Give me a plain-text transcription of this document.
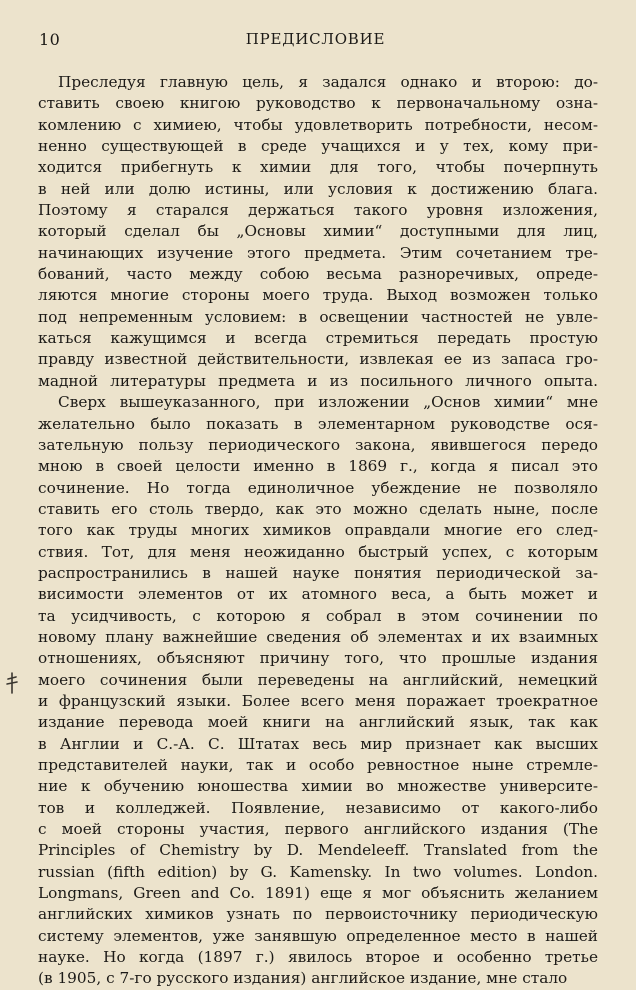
10	ПРЕДИСЛОВИЕ
Преследуя главную цель, я задался однако и второю: до-
ставить своею книгою руководство к первоначальному озна-
комлению с химиею, чтобы удовлетворить потребности, несом-
ненно существующей в среде учащихся и у тех, кому при-
ходится прибегнуть к химии для того, чтобы почерпнуть
в ней или долю истины, или условия к достижению блага.
Поэтому я старался держаться такого уровня изложения,
который сделал бы „Основы химии“ доступными для лиц,
начинающих изучение этого предмета. Этим сочетанием тре-
бований, часто между собою весьма разноречивых, опреде-
ляются многие стороны моего труда. Выход возможен только
под непременным условием: в освещении частностей не увле-
каться кажущимся и всегда стремиться передать простую
правду известной действительности, извлекая ее из запаса гро-
мадной литературы предмета и из посильного личного опыта.
Сверх вышеуказанного, при изложении „Основ химии“ мне
желательно было показать в элементарном руководстве ося-
зательную пользу периодического закона, явившегося передо
мною в своей целости именно в 1869 г., когда я писал это
сочинение. Но тогда единоличное убеждение не позволяло
ставить его столь твердо, как это можно сделать ныне, после
того как труды многих химиков оправдали многие его след-
ствия. Тот, для меня неожиданно быстрый успех, с которым
распространились в нашей науке понятия периодической за-
висимости элементов от их атомного веса, а быть может и
та усидчивость, с которою я собрал в этом сочинении по
новому плану важнейшие сведения об элементах и их взаимных
отношениях, объясняют причину того, что прошлые издания
моего сочинения были переведены на английский, немецкий
и французский языки. Более всего меня поражает троекратное
издание перевода моей книги на английский язык, так как
в Англии и С.-А. С. Штатах весь мир признает как высших
представителей науки, так и особо ревностное ныне стремле-
ние к обучению юношества химии во множестве университе-
тов и колледжей. Появление, независимо от какого-либо
с моей стороны участия, первого английского издания (The
Principles of Chemistry by D. Mendeleeff. Translated from the
russian (fifth edition) by G. Kamensky. In two volumes. London.
Longmans, Green and Co. 1891) еще я мог объяснить желанием
английских химиков узнать по первоисточнику периодическую
систему элементов, уже занявшую определенное место в нашей
науке. Но когда (1897 г.) явилось второе и особенно третье
(в 1905, с 7-го русского издания) английское издание, мне стало
